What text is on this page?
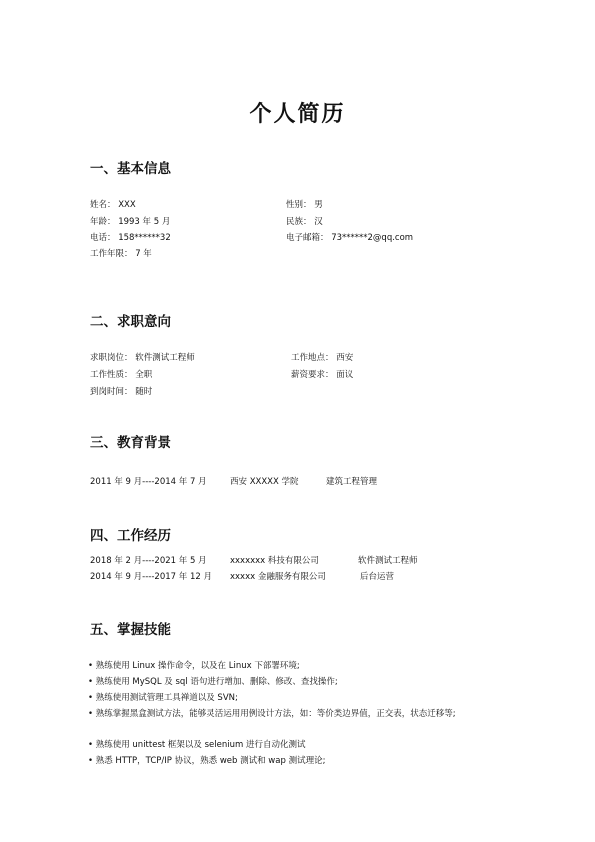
个人简历
一、基本信息
姓名： XXX	性别： 男
年龄： 1993 年 5 月	民族： 汉
电话： 158******32	电子邮箱： 73******2@qq.com
工作年限： 7 年
二、求职意向
求职岗位： 软件测试工程师	工作地点： 西安
工作性质： 全职	薪资要求： 面议
到岗时间： 随时
三、教育背景
2011 年 9 月----2014 年 7 月	西安 XXXXX 学院	建筑工程管理
四、工作经历
2018 年 2 月----2021 年 5 月	xxxxxxx 科技有限公司	软件测试工程师
2014 年 9 月----2017 年 12 月 xxxxx 金融服务有限公司	后台运营
五、掌握技能
• 熟练使用 Linux 操作命令，以及在 Linux 下部署环境;
• 熟练使用 MySQL 及 sql 语句进行增加、删除、修改、查找操作;
• 熟练使用测试管理工具禅道以及 SVN;
• 熟练掌握黑盒测试方法，能够灵活运用用例设计方法，如：等价类边界值，正交表，状态迁移等;
• 熟练使用 unittest 框架以及 selenium 进行自动化测试
• 熟悉 HTTP，TCP/IP 协议，熟悉 web 测试和 wap 测试理论;
